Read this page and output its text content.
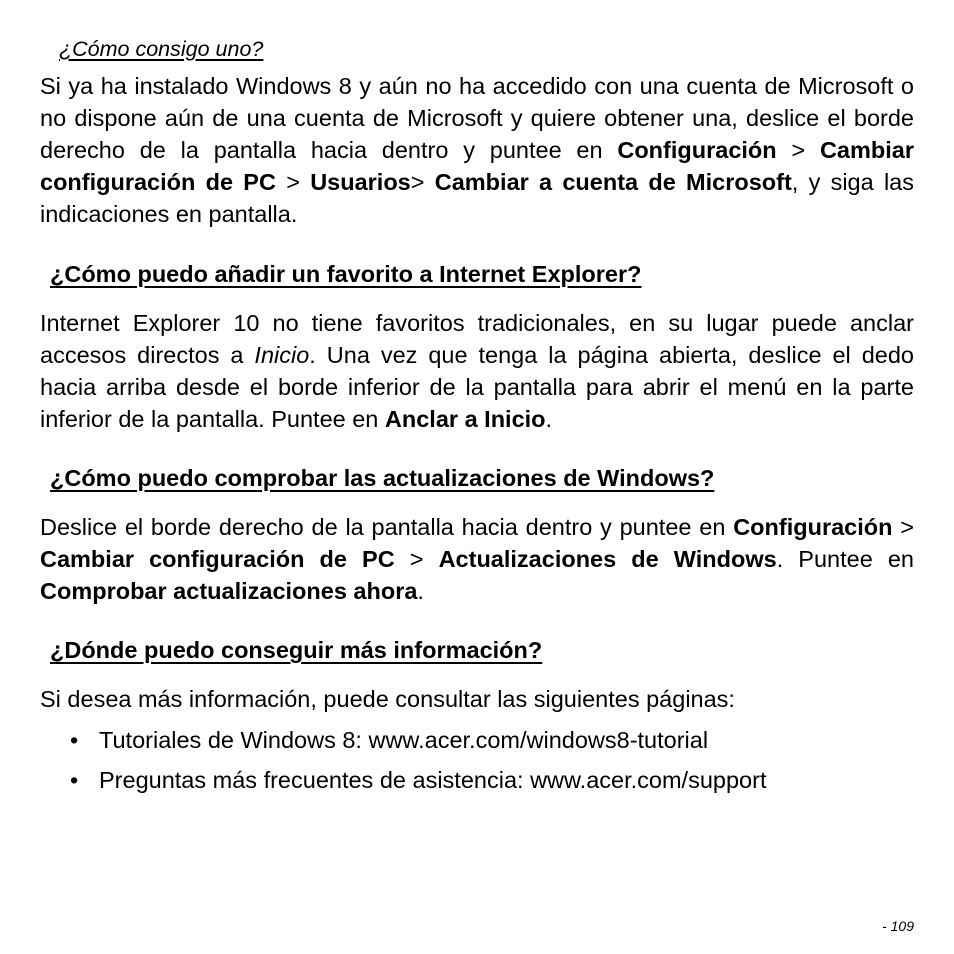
¿Cómo consigo uno?

Si ya ha instalado Windows 8 y aún no ha accedido con una cuenta de Microsoft o no dispone aún de una cuenta de Microsoft y quiere obtener una, deslice el borde derecho de la pantalla hacia dentro y puntee en Configuración > Cambiar configuración de PC > Usuarios> Cambiar a cuenta de Microsoft, y siga las indicaciones en pantalla.

¿Cómo puedo añadir un favorito a Internet Explorer?

Internet Explorer 10 no tiene favoritos tradicionales, en su lugar puede anclar accesos directos a Inicio. Una vez que tenga la página abierta, deslice el dedo hacia arriba desde el borde inferior de la pantalla para abrir el menú en la parte inferior de la pantalla. Puntee en Anclar a Inicio.

¿Cómo puedo comprobar las actualizaciones de Windows?

Deslice el borde derecho de la pantalla hacia dentro y puntee en Configuración > Cambiar configuración de PC > Actualizaciones de Windows. Puntee en Comprobar actualizaciones ahora.

¿Dónde puedo conseguir más información?

Si desea más información, puede consultar las siguientes páginas:

• Tutoriales de Windows 8: www.acer.com/windows8-tutorial
• Preguntas más frecuentes de asistencia: www.acer.com/support
- 109
